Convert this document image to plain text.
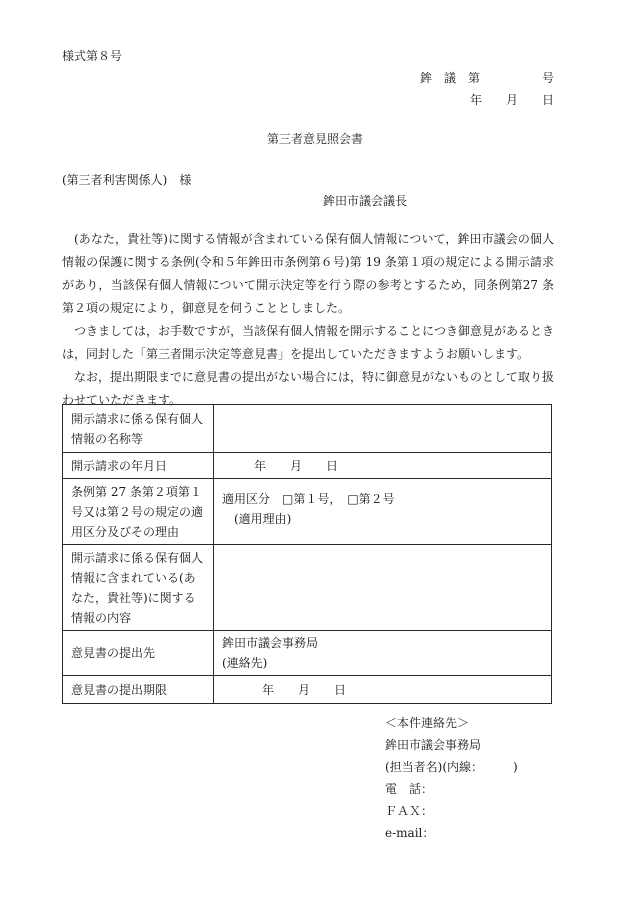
様式第８号
鉾　議　第	号
年 月 日
第三者意見照会書
(第三者利害関係人)　様
鉾田市議会議長

(あなた，貴社等)に関する情報が含まれている保有個人情報について，鉾田市議会の個人情報の保護に関する条例(令和５年鉾田市条例第６号)第 19 条第１項の規定による開示請求があり，当該保有個人情報について開示決定等を行う際の参考とするため，同条例第27 条第２項の規定により，御意見を伺うこととしました。

つきましては，お手数ですが，当該保有個人情報を開示することにつき御意見があるときは，同封した「第三者開示決定等意見書」を提出していただきますようお願いします。

なお，提出期限までに意見書の提出がない場合には，特に御意見がないものとして取り扱わせていただきます。

開示請求に係る保有個人情報の名称等	
開示請求の年月日	年　　月　　日
条例第 27 条第２項第１号又は第２号の規定の適用区分及びその理由	適用区分　□第１号，　□第２号
(適用理由)

開示請求に係る保有個人情報に含まれている(あなた，貴社等)に関する情報の内容	
意見書の提出先	鉾田市議会事務局
(連絡先)

意見書の提出期限	年　　月　　日
＜本件連絡先＞
鉾田市議会事務局
(担当者名)(内線：　　　)
電話：
ＦＡＸ：
e-mail：
